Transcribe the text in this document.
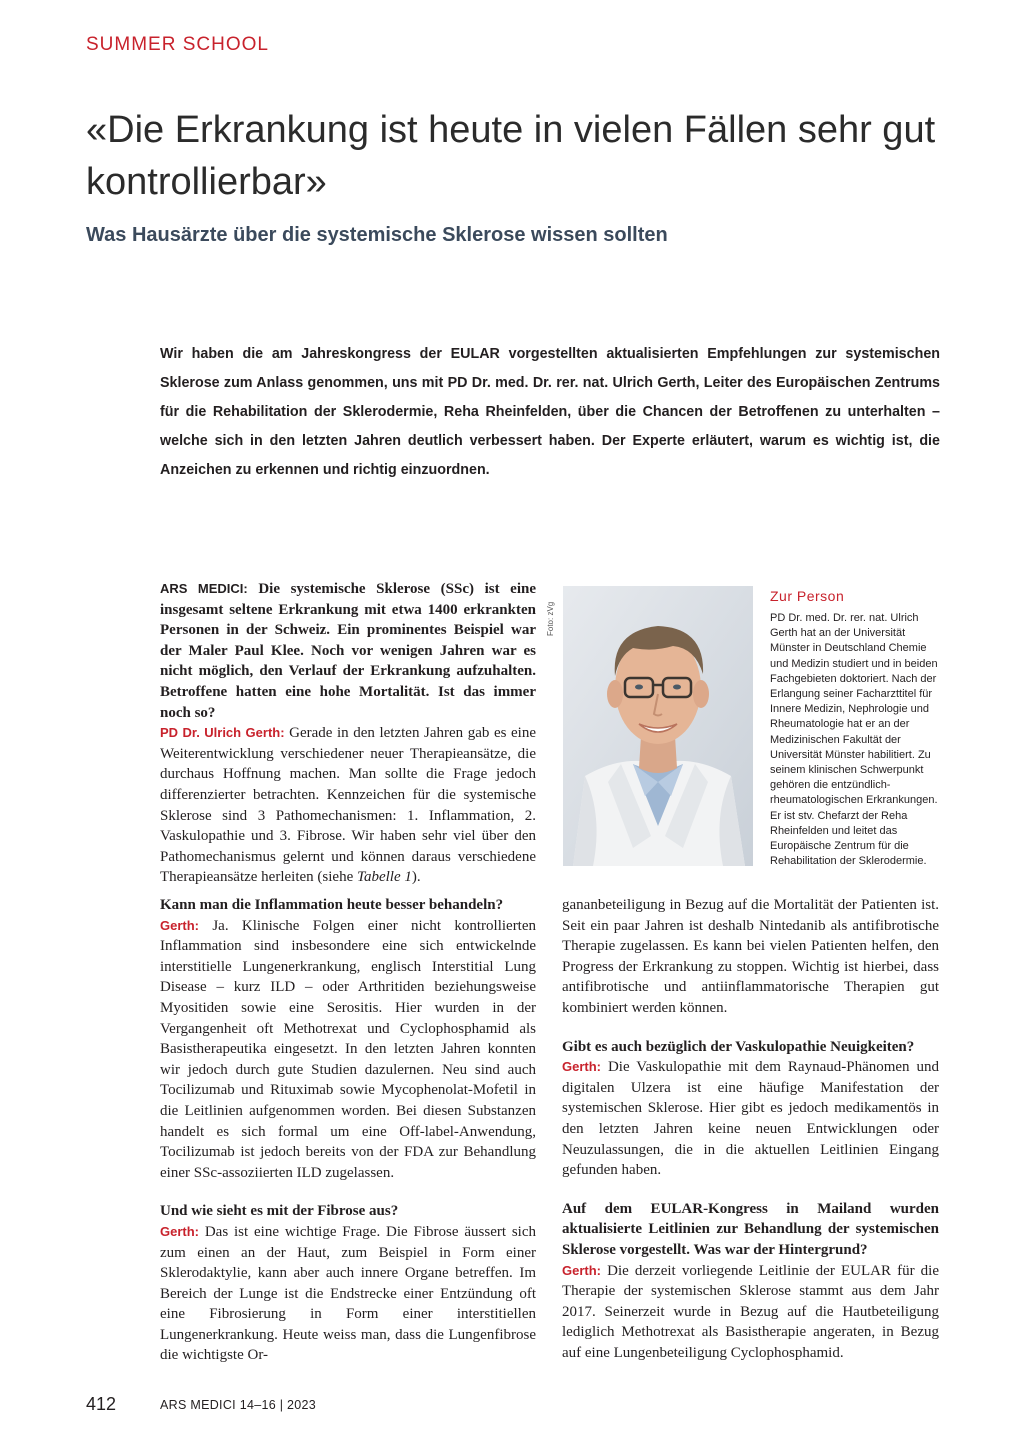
SUMMER SCHOOL
«Die Erkrankung ist heute in vielen Fällen sehr gut kontrollierbar»
Was Hausärzte über die systemische Sklerose wissen sollten

Wir haben die am Jahreskongress der EULAR vorgestellten aktualisierten Empfehlungen zur systemischen Sklerose zum Anlass genommen, uns mit PD Dr. med. Dr. rer. nat. Ulrich Gerth, Leiter des Europäischen Zentrums für die Rehabilitation der Sklerodermie, Reha Rheinfelden, über die Chancen der Betroffenen zu unterhalten – welche sich in den letzten Jahren deutlich verbessert haben. Der Experte erläutert, warum es wichtig ist, die Anzeichen zu erkennen und richtig einzuordnen.

ARS MEDICI: Die systemische Sklerose (SSc) ist eine insgesamt seltene Erkrankung mit etwa 1400 erkrankten Personen in der Schweiz. Ein prominentes Beispiel war der Maler Paul Klee. Noch vor wenigen Jahren war es nicht möglich, den Verlauf der Erkrankung aufzuhalten. Betroffene hatten eine hohe Mortalität. Ist das immer noch so?

PD Dr. Ulrich Gerth: Gerade in den letzten Jahren gab es eine Weiterentwicklung verschiedener neuer Therapieansätze, die durchaus Hoffnung machen. Man sollte die Frage jedoch differenzierter betrachten. Kennzeichen für die systemische Sklerose sind 3 Pathomechanismen: 1. Inflammation, 2. Vaskulopathie und 3. Fibrose. Wir haben sehr viel über den Pathomechanismus gelernt und können daraus verschiedene Therapieansätze herleiten (siehe Tabelle 1).

Foto: zVg
Zur Person

PD Dr. med. Dr. rer. nat. Ulrich Gerth hat an der Universität Münster in Deutschland Chemie und Medizin studiert und in beiden Fachgebieten doktoriert. Nach der Erlangung seiner Facharzttitel für Innere Medizin, Nephrologie und Rheumatologie hat er an der Medizinischen Fakultät der Universität Münster habilitiert. Zu seinem klinischen Schwerpunkt gehören die entzündlich-rheumatologischen Erkrankungen. Er ist stv. Chefarzt der Reha Rheinfelden und leitet das Europäische Zentrum für die Rehabilitation der Sklerodermie.

Kann man die Inflammation heute besser behandeln?

Gerth: Ja. Klinische Folgen einer nicht kontrollierten Inflammation sind insbesondere eine sich entwickelnde interstitielle Lungenerkrankung, englisch Interstitial Lung Disease – kurz ILD – oder Arthritiden beziehungsweise Myositiden sowie eine Serositis. Hier wurden in der Vergangenheit oft Methotrexat und Cyclophosphamid als Basistherapeutika eingesetzt. In den letzten Jahren konnten wir jedoch durch gute Studien dazulernen. Neu sind auch Tocilizumab und Rituximab sowie Mycophenolat-Mofetil in die Leitlinien aufgenommen worden. Bei diesen Substanzen handelt es sich formal um eine Off-label-Anwendung, Tocilizumab ist jedoch bereits von der FDA zur Behandlung einer SSc-assoziierten ILD zugelassen.

Und wie sieht es mit der Fibrose aus?

Gerth: Das ist eine wichtige Frage. Die Fibrose äussert sich zum einen an der Haut, zum Beispiel in Form einer Sklerodaktylie, kann aber auch innere Organe betreffen. Im Bereich der Lunge ist die Endstrecke einer Entzündung oft eine Fibrosierung in Form einer interstitiellen Lungenerkrankung. Heute weiss man, dass die Lungenfibrose die wichtigste Or-

gananbeteiligung in Bezug auf die Mortalität der Patienten ist. Seit ein paar Jahren ist deshalb Nintedanib als antifibrotische Therapie zugelassen. Es kann bei vielen Patienten helfen, den Progress der Erkrankung zu stoppen. Wichtig ist hierbei, dass antifibrotische und antiinflammatorische Therapien gut kombiniert werden können.

Gibt es auch bezüglich der Vaskulopathie Neuigkeiten?

Gerth: Die Vaskulopathie mit dem Raynaud-Phänomen und digitalen Ulzera ist eine häufige Manifestation der systemischen Sklerose. Hier gibt es jedoch medikamentös in den letzten Jahren keine neuen Entwicklungen oder Neuzulassungen, die in die aktuellen Leitlinien Eingang gefunden haben.

Auf dem EULAR-Kongress in Mailand wurden aktualisierte Leitlinien zur Behandlung der systemischen Sklerose vorgestellt. Was war der Hintergrund?

Gerth: Die derzeit vorliegende Leitlinie der EULAR für die Therapie der systemischen Sklerose stammt aus dem Jahr 2017. Seinerzeit wurde in Bezug auf die Hautbeteiligung lediglich Methotrexat als Basistherapie angeraten, in Bezug auf eine Lungenbeteiligung Cyclophosphamid.

412	ARS MEDICI 14–16 | 2023
